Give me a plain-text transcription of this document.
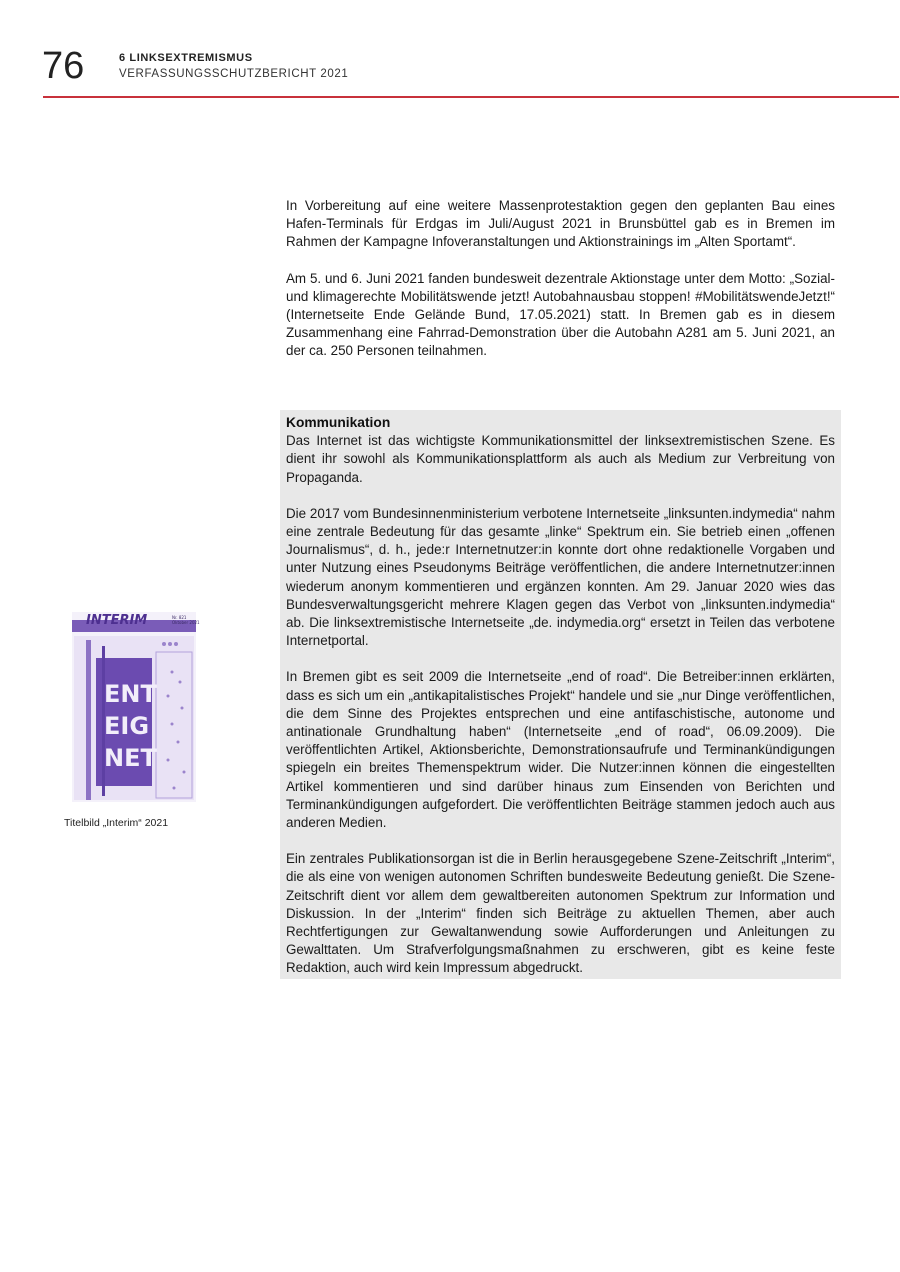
76	6 LINKSEXTREMISMUS
VERFASSUNGSSCHUTZBERICHT 2021

In Vorbereitung auf eine weitere Massenprotestaktion gegen den geplanten Bau eines Hafen-Terminals für Erdgas im Juli/August 2021 in Brunsbüttel gab es in Bremen im Rahmen der Kampagne Infoveranstaltungen und Aktionstrainings im „Alten Sportamt“.

Am 5. und 6. Juni 2021 fanden bundesweit dezentrale Aktionstage unter dem Motto: „Sozial- und klimagerechte Mobilitätswende jetzt! Autobahnausbau stoppen! #MobilitätswendeJetzt!“ (Internetseite Ende Gelände Bund, 17.05.2021) statt. In Bremen gab es in diesem Zusammenhang eine Fahrrad-Demonstration über die Autobahn A281 am 5. Juni 2021, an der ca. 250 Personen teilnahmen.

Kommunikation

Das Internet ist das wichtigste Kommunikationsmittel der linksextremistischen Szene. Es dient ihr sowohl als Kommunikationsplattform als auch als Medium zur Verbreitung von Propaganda.

Die 2017 vom Bundesinnenministerium verbotene Internetseite „linksunten.indymedia“ nahm eine zentrale Bedeutung für das gesamte „linke“ Spektrum ein. Sie betrieb einen „offenen Journalismus“, d. h., jede:r Internetnutzer:in konnte dort ohne redaktionelle Vorgaben und unter Nutzung eines Pseudonyms Beiträge veröffentlichen, die andere Internetnutzer:innen wiederum anonym kommentieren und ergänzen konnten. Am 29. Januar 2020 wies das Bundesverwaltungsgericht mehrere Klagen gegen das Verbot von „linksunten.indymedia“ ab. Die linksextremistische Internetseite „de. indymedia.org“ ersetzt in Teilen das verbotene Internetportal.

In Bremen gibt es seit 2009 die Internetseite „end of road“. Die Betreiber:innen erklärten, dass es sich um ein „antikapitalistisches Projekt“ handele und sie „nur Dinge veröffentlichen, die dem Sinne des Projektes entsprechen und eine antifaschistische, autonome und antinationale Grundhaltung haben“ (Internetseite „end of road“, 06.09.2009). Die veröffentlichten Artikel, Aktionsberichte, Demonstrationsaufrufe und Terminankündigungen spiegeln ein breites Themenspektrum wider. Die Nutzer:innen können die eingestellten Artikel kommentieren und sind darüber hinaus zum Einsenden von Berichten und Terminankündigungen aufgefordert. Die veröffentlichten Beiträge stammen jedoch auch aus anderen Medien.

Ein zentrales Publikationsorgan ist die in Berlin herausgegebene Szene-Zeitschrift „Interim“, die als eine von wenigen autonomen Schriften bundesweite Bedeutung genießt. Die Szene-Zeitschrift dient vor allem dem gewaltbereiten autonomen Spektrum zur Information und Diskussion. In der „Interim“ finden sich Beiträge zu aktuellen Themen, aber auch Rechtfertigungen zur Gewaltanwendung sowie Aufforderungen und Anleitungen zu Gewalttaten. Um Strafverfolgungsmaßnahmen zu erschweren, gibt es keine feste Redaktion, auch wird kein Impressum abgedruckt.

INTERIM	Nr. 821
Oktober 2021
ENT
EIG
NET
Titelbild „Interim“ 2021
